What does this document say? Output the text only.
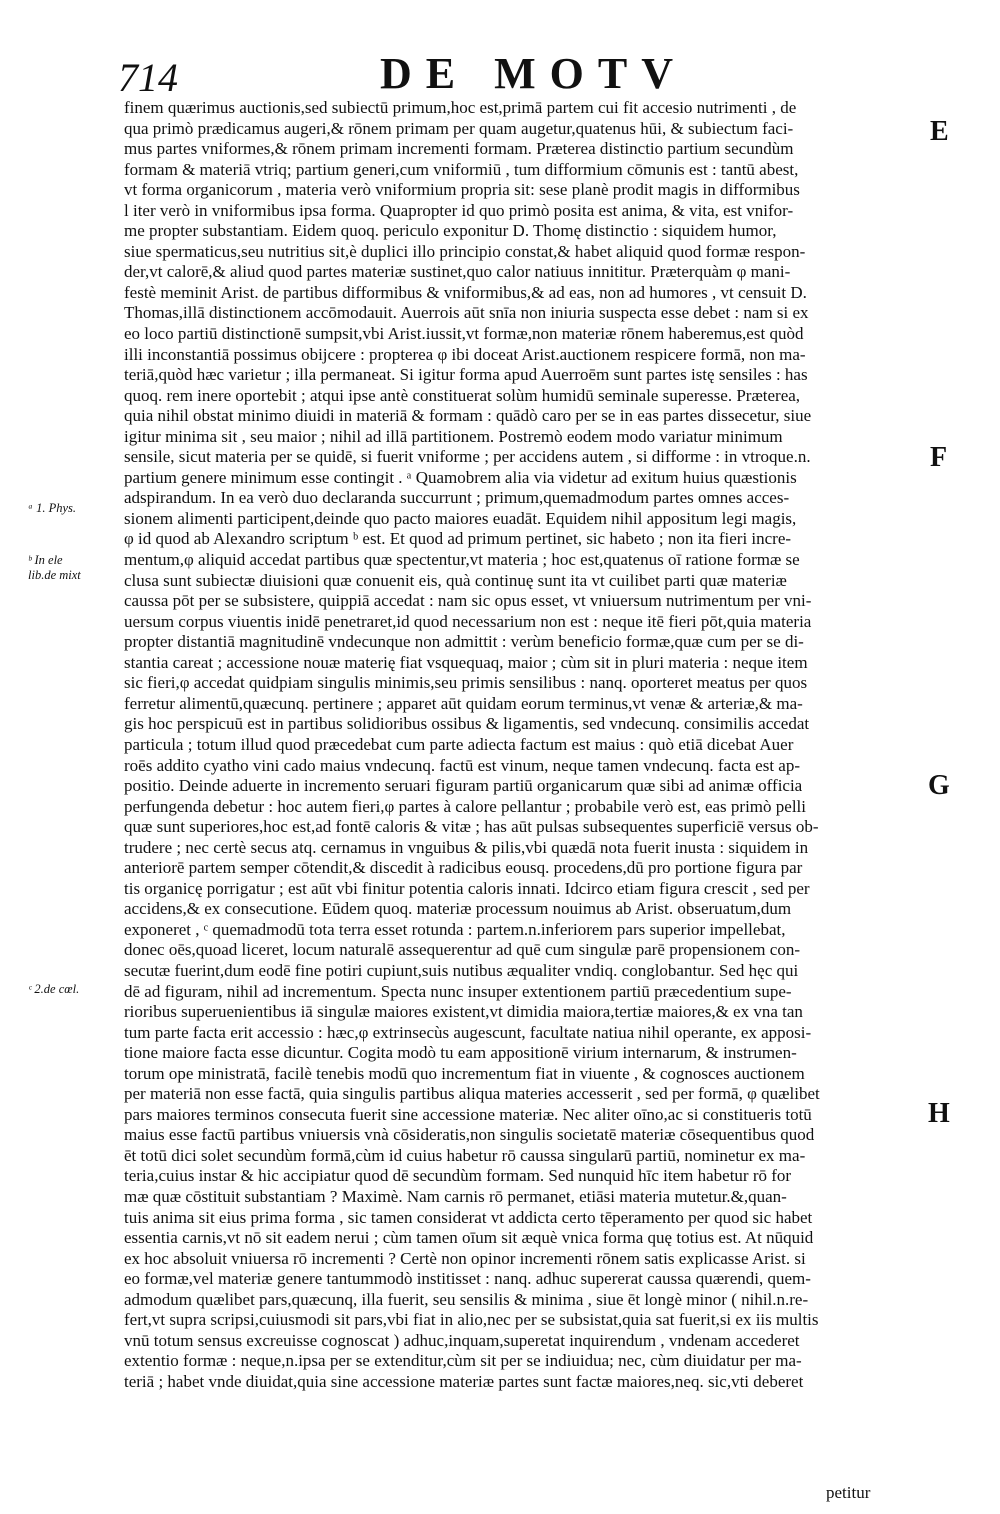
714	DE MOTV
finem quærimus auctionis,sed subiectū primum,hoc est,primā partem cui fit accesio nutrimenti , de
qua primò prædicamus augeri,& rōnem primam per quam augetur,quatenus hūi, & subiectum faci-
mus partes vniformes,& rōnem primam incrementi formam. Præterea distinctio partium secundùm
formam & materiā vtriq; partium generi,cum vniformiū , tum difformium cōmunis est : tantū abest,
vt forma organicorum , materia verò vniformium propria sit: sese planè prodit magis in difformibus
l iter verò in vniformibus ipsa forma. Quapropter id quo primò posita est anima, & vita, est vnifor-
me propter substantiam. Eidem quoq. periculo exponitur D. Thomę distinctio : siquidem humor,
siue spermaticus,seu nutritius sit,è duplici illo principio constat,& habet aliquid quod formæ respon-
der,vt calorē,& aliud quod partes materiæ sustinet,quo calor natiuus innititur. Præterquàm φ mani-
festè meminit Arist. de partibus difformibus & vniformibus,& ad eas, non ad humores , vt censuit D.
Thomas,illā distinctionem accōmodauit. Auerrois aūt snīa non iniuria suspecta esse debet : nam si ex
eo loco partiū distinctionē sumpsit,vbi Arist.iussit,vt formæ,non materiæ rōnem haberemus,est quòd
illi inconstantiā possimus obijcere : propterea φ ibi doceat Arist.auctionem respicere formā, non ma-
teriā,quòd hæc varietur ; illa permaneat. Si igitur forma apud Auerroēm sunt partes istę sensiles : has
quoq. rem inere oportebit ; atqui ipse antè constituerat solùm humidū seminale superesse. Præterea,
quia nihil obstat minimo diuidi in materiā & formam : quādò caro per se in eas partes dissecetur, siue
igitur minima sit , seu maior ; nihil ad illā partitionem. Postremò eodem modo variatur minimum
sensile, sicut materia per se quidē, si fuerit vniforme ; per accidens autem , si difforme : in vtroque.n.
partium genere minimum esse contingit . ᵃ Quamobrem alia via videtur ad exitum huius quæstionis
adspirandum. In ea verò duo declaranda succurrunt ; primum,quemadmodum partes omnes acces-
sionem alimenti participent,deinde quo pacto maiores euadāt. Equidem nihil appositum legi magis,
φ id quod ab Alexandro scriptum ᵇ est. Et quod ad primum pertinet, sic habeto ; non ita fieri incre-
mentum,φ aliquid accedat partibus quæ spectentur,vt materia ; hoc est,quatenus oī ratione formæ se
clusa sunt subiectæ diuisioni quæ conuenit eis, quà continuę sunt ita vt cuilibet parti quæ materiæ
caussa pōt per se subsistere, quippiā accedat : nam sic opus esset, vt vniuersum nutrimentum per vni-
uersum corpus viuentis inidē penetraret,id quod necessarium non est : neque itē fieri pōt,quia materia
propter distantiā magnitudinē vndecunque non admittit : verùm beneficio formæ,quæ cum per se di-
stantia careat ; accessione nouæ materię fiat vsquequaq, maior ; cùm sit in pluri materia : neque item
sic fieri,φ accedat quidpiam singulis minimis,seu primis sensilibus : nanq. oporteret meatus per quos
ferretur alimentū,quæcunq. pertinere ; apparet aūt quidam eorum terminus,vt venæ & arteriæ,& ma-
gis hoc perspicuū est in partibus solidioribus ossibus & ligamentis, sed vndecunq. consimilis accedat
particula ; totum illud quod præcedebat cum parte adiecta factum est maius : quò etiā dicebat Auer
roēs addito cyatho vini cado maius vndecunq. factū est vinum, neque tamen vndecunq. facta est ap-
positio. Deinde aduerte in incremento seruari figuram partiū organicarum quæ sibi ad animæ officia
perfungenda debetur : hoc autem fieri,φ partes à calore pellantur ; probabile verò est, eas primò pelli
quæ sunt superiores,hoc est,ad fontē caloris & vitæ ; has aūt pulsas subsequentes superficiē versus ob-
trudere ; nec certè secus atq. cernamus in vnguibus & pilis,vbi quædā nota fuerit inusta : siquidem in
anteriorē partem semper cōtendit,& discedit à radicibus eousq. procedens,dū pro portione figura par
tis organicę porrigatur ; est aūt vbi finitur potentia caloris innati. Idcirco etiam figura crescit , sed per
accidens,& ex consecutione. Eūdem quoq. materiæ processum nouimus ab Arist. obseruatum,dum
exponeret , ᶜ quemadmodū tota terra esset rotunda : partem.n.inferiorem pars superior impellebat,
donec oēs,quoad liceret, locum naturalē assequerentur ad quē cum singulæ parē propensionem con-
secutæ fuerint,dum eodē fine potiri cupiunt,suis nutibus æqualiter vndiq. conglobantur. Sed hęc qui
dē ad figuram, nihil ad incrementum. Specta nunc insuper extentionem partiū præcedentium supe-
rioribus superuenientibus iā singulæ maiores existent,vt dimidia maiora,tertiæ maiores,& ex vna tan
tum parte facta erit accessio : hæc,φ extrinsecùs augescunt, facultate natiua nihil operante, ex apposi-
tione maiore facta esse dicuntur. Cogita modò tu eam appositionē virium internarum, & instrumen-
torum ope ministratā, facilè tenebis modū quo incrementum fiat in viuente , & cognosces auctionem
per materiā non esse factā, quia singulis partibus aliqua materies accesserit , sed per formā, φ quælibet
pars maiores terminos consecuta fuerit sine accessione materiæ. Nec aliter oīno,ac si constitueris totū
maius esse factū partibus vniuersis vnà cōsideratis,non singulis societatē materiæ cōsequentibus quod
ēt totū dici solet secundùm formā,cùm id cuius habetur rō caussa singularū partiū, nominetur ex ma-
teria,cuius instar & hic accipiatur quod dē secundùm formam. Sed nunquid hīc item habetur rō for
mæ quæ cōstituit substantiam ? Maximè. Nam carnis rō permanet, etiāsi materia mutetur.&,quan-
tuis anima sit eius prima forma , sic tamen considerat vt addicta certo tēperamento per quod sic habet
essentia carnis,vt nō sit eadem nerui ; cùm tamen oīum sit æquè vnica forma quę totius est. At nūquid
ex hoc absoluit vniuersa rō incrementi ? Certè non opinor incrementi rōnem satis explicasse Arist. si
eo formæ,vel materiæ genere tantummodò institisset : nanq. adhuc supererat caussa quærendi, quem-
admodum quælibet pars,quæcunq, illa fuerit, seu sensilis & minima , siue ēt longè minor ( nihil.n.re-
fert,vt supra scripsi,cuiusmodi sit pars,vbi fiat in alio,nec per se subsistat,quia sat fuerit,si ex iis multis
vnū totum sensus excreuisse cognoscat ) adhuc,inquam,superetat inquirendum , vndenam accederet
extentio formæ : neque,n.ipsa per se extenditur,cùm sit per se indiuidua; nec, cùm diuidatur per ma-
teriā ; habet vnde diuidat,quia sine accessione materiæ partes sunt factæ maiores,neq. sic,vti deberet
E
F
G
H
ᵃ 1. Phys.
ᵇ In ele
lib.de mixt
ᶜ 2.de cœl.
petitur
